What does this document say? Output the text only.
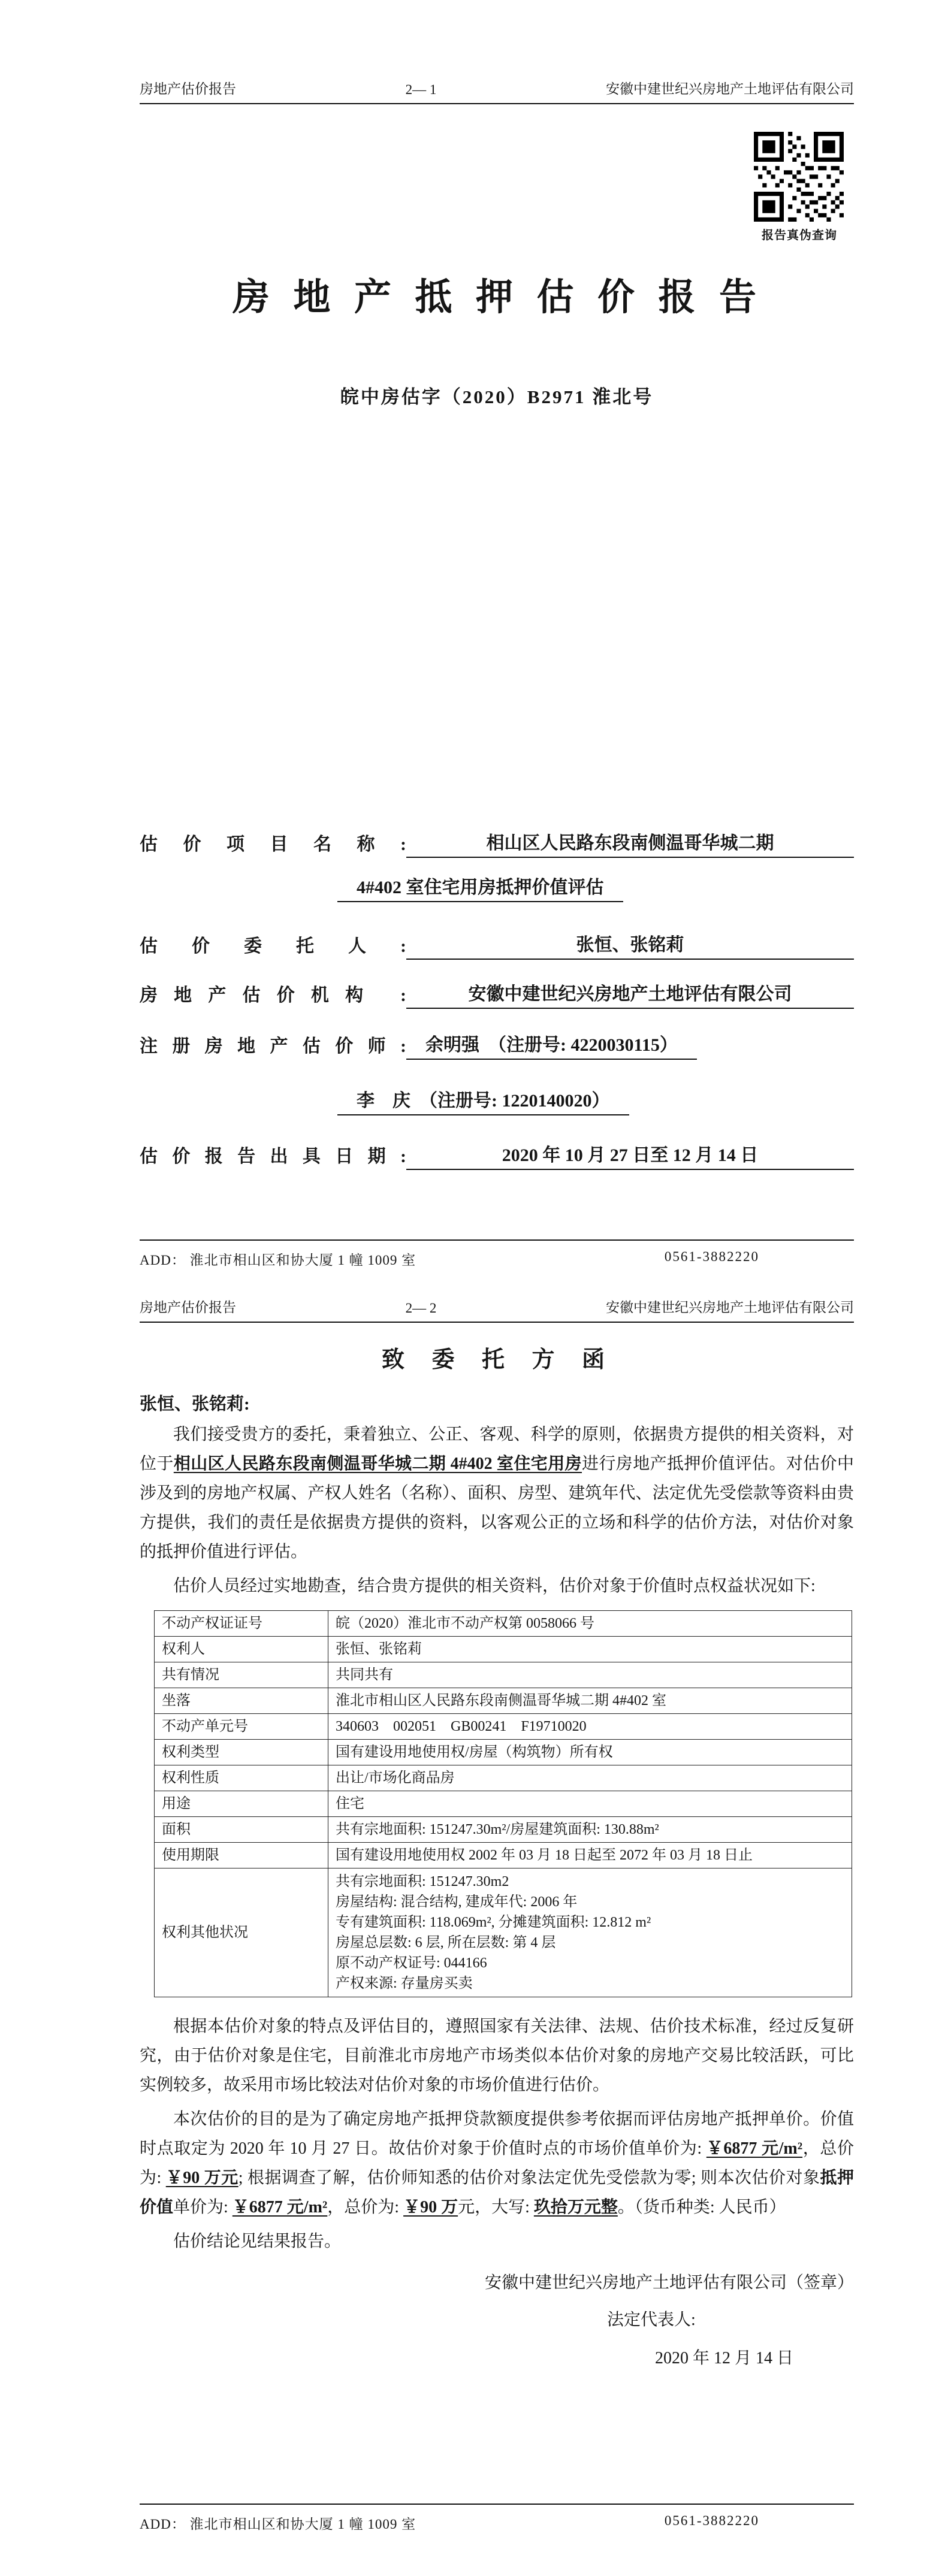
房地产估价报告	2— 1	安徽中建世纪兴房地产土地评估有限公司
房 地 产 抵 押 估 价 报 告
皖中房估字（2020）B2971 淮北号
估 价 项 目 名 称 :	相山区人民路东段南侧温哥华城二期
4#402 室住宅用房抵押价值评估
估 价 委 托 人 :	张恒、张铭莉
房地产估价机构 :	安徽中建世纪兴房地产土地评估有限公司
注册房地产估价师:	余明强　（注册号: 4220030115）
李　庆　（注册号: 1220140020）
估价报告出具日期:	2020 年 10 月 27 日至 12 月 14 日
报告真伪查询
ADD： 淮北市相山区和协大厦 1 幢 1009 室	0561-3882220
房地产估价报告	2— 2	安徽中建世纪兴房地产土地评估有限公司
致 委 托 方 函
张恒、张铭莉:

我们接受贵方的委托，秉着独立、公正、客观、科学的原则，依据贵方提供的相关资料，对位于相山区人民路东段南侧温哥华城二期 4#402 室住宅用房进行房地产抵押价值评估。对估价中涉及到的房地产权属、产权人姓名（名称）、面积、房型、建筑年代、法定优先受偿款等资料由贵方提供，我们的责任是依据贵方提供的资料，以客观公正的立场和科学的估价方法，对估价对象的抵押价值进行评估。

估价人员经过实地勘查，结合贵方提供的相关资料，估价对象于价值时点权益状况如下:

不动产权证证号	皖（2020）淮北市不动产权第 0058066 号
权利人	张恒、张铭莉
共有情况	共同共有
坐落	淮北市相山区人民路东段南侧温哥华城二期 4#402 室
不动产单元号	340603　002051　GB00241　F19710020
权利类型	国有建设用地使用权/房屋（构筑物）所有权
权利性质	出让/市场化商品房
用途	住宅
面积	共有宗地面积: 151247.30m²/房屋建筑面积: 130.88m²
使用期限	国有建设用地使用权 2002 年 03 月 18 日起至 2072 年 03 月 18 日止
权利其他状况	
共有宗地面积: 151247.30m2
房屋结构: 混合结构, 建成年代: 2006 年
专有建筑面积: 118.069m², 分摊建筑面积: 12.812 m²
房屋总层数: 6 层, 所在层数: 第 4 层
原不动产权证号: 044166
产权来源: 存量房买卖

根据本估价对象的特点及评估目的，遵照国家有关法律、法规、估价技术标准，经过反复研究，由于估价对象是住宅，目前淮北市房地产市场类似本估价对象的房地产交易比较活跃，可比实例较多，故采用市场比较法对估价对象的市场价值进行估价。

本次估价的目的是为了确定房地产抵押贷款额度提供参考依据而评估房地产抵押单价。价值时点取定为 2020 年 10 月 27 日。故估价对象于价值时点的市场价值单价为: ￥6877 元/m²，总价为: ￥90 万元; 根据调查了解，估价师知悉的估价对象法定优先受偿款为零; 则本次估价对象抵押价值单价为: ￥6877 元/m²，总价为: ￥90 万元，大写: 玖拾万元整。（货币种类: 人民币）

估价结论见结果报告。

安徽中建世纪兴房地产土地评估有限公司（签章）
法定代表人:
2020 年 12 月 14 日
ADD： 淮北市相山区和协大厦 1 幢 1009 室	0561-3882220
